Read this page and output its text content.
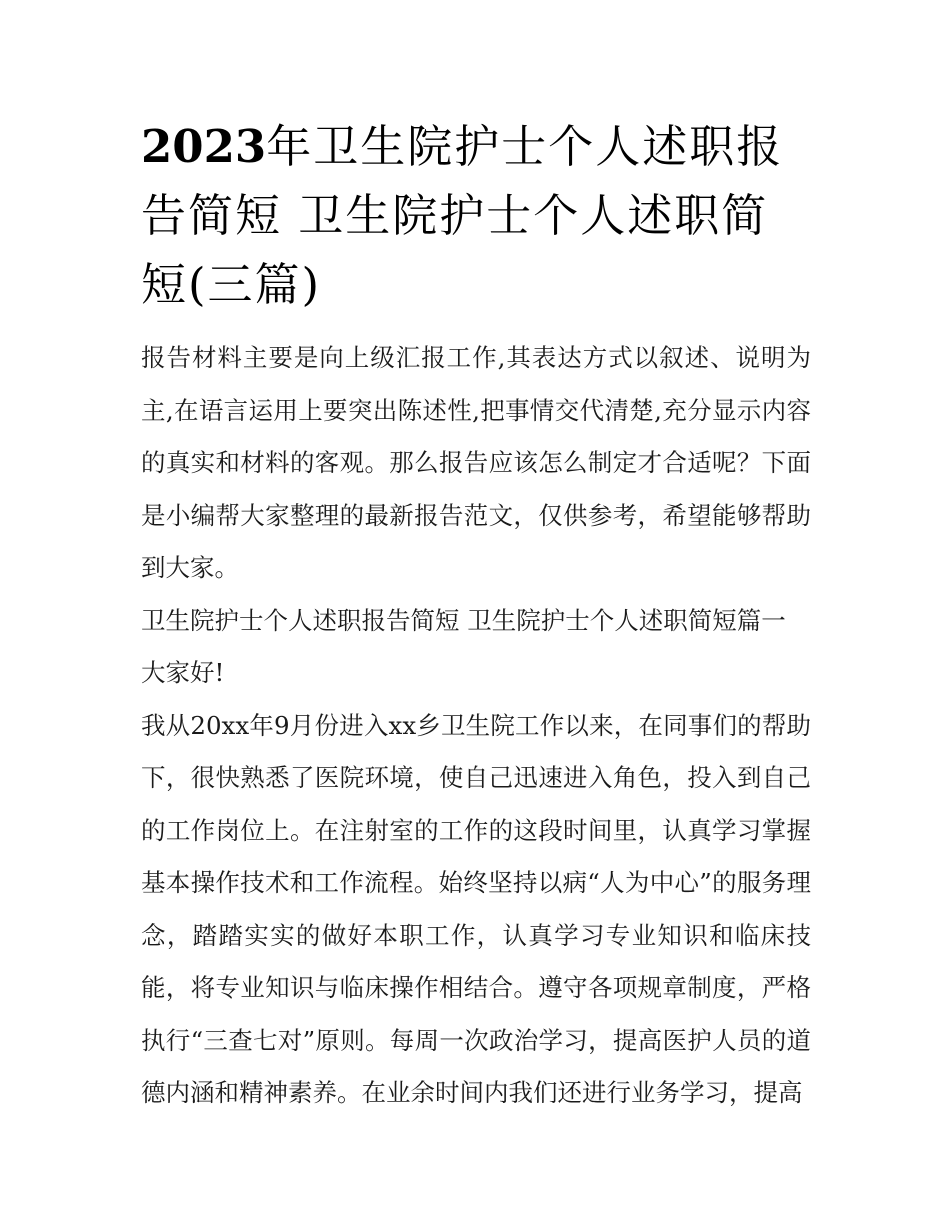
2023年卫生院护士个人述职报告简短 卫生院护士个人述职简短(三篇)

报告材料主要是向上级汇报工作,其表达方式以叙述、说明为主,在语言运用上要突出陈述性,把事情交代清楚,充分显示内容的真实和材料的客观。那么报告应该怎么制定才合适呢？下面是小编帮大家整理的最新报告范文，仅供参考，希望能够帮助到大家。

卫生院护士个人述职报告简短 卫生院护士个人述职简短篇一

大家好!

我从20xx年9月份进入xx乡卫生院工作以来，在同事们的帮助下，很快熟悉了医院环境，使自己迅速进入角色，投入到自己的工作岗位上。在注射室的工作的这段时间里，认真学习掌握基本操作技术和工作流程。始终坚持以病“人为中心”的服务理念，踏踏实实的做好本职工作，认真学习专业知识和临床技能，将专业知识与临床操作相结合。遵守各项规章制度，严格执行“三查七对”原则。每周一次政治学习，提高医护人员的道德内涵和精神素养。在业余时间内我们还进行业务学习，提高
